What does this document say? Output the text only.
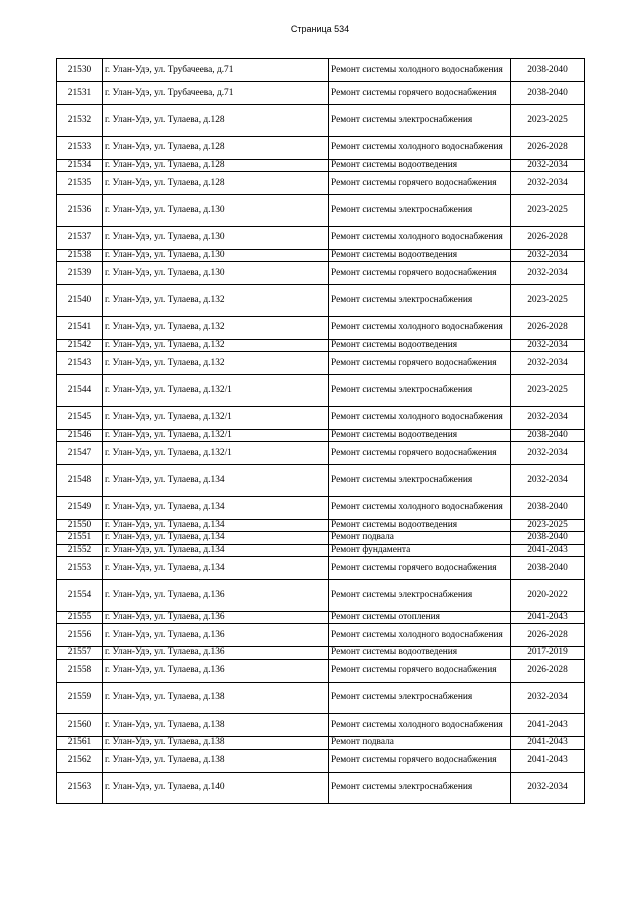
Страница 534
21530	г. Улан-Удэ, ул. Трубачеева, д.71	Ремонт системы холодного водоснабжения	2038-2040
21531	г. Улан-Удэ, ул. Трубачеева, д.71	Ремонт системы горячего водоснабжения	2038-2040
21532	г. Улан-Удэ, ул. Тулаева, д.128	Ремонт системы электроснабжения	2023-2025
21533	г. Улан-Удэ, ул. Тулаева, д.128	Ремонт системы холодного водоснабжения	2026-2028
21534	г. Улан-Удэ, ул. Тулаева, д.128	Ремонт системы водоотведения	2032-2034
21535	г. Улан-Удэ, ул. Тулаева, д.128	Ремонт системы горячего водоснабжения	2032-2034
21536	г. Улан-Удэ, ул. Тулаева, д.130	Ремонт системы электроснабжения	2023-2025
21537	г. Улан-Удэ, ул. Тулаева, д.130	Ремонт системы холодного водоснабжения	2026-2028
21538	г. Улан-Удэ, ул. Тулаева, д.130	Ремонт системы водоотведения	2032-2034
21539	г. Улан-Удэ, ул. Тулаева, д.130	Ремонт системы горячего водоснабжения	2032-2034
21540	г. Улан-Удэ, ул. Тулаева, д.132	Ремонт системы электроснабжения	2023-2025
21541	г. Улан-Удэ, ул. Тулаева, д.132	Ремонт системы холодного водоснабжения	2026-2028
21542	г. Улан-Удэ, ул. Тулаева, д.132	Ремонт системы водоотведения	2032-2034
21543	г. Улан-Удэ, ул. Тулаева, д.132	Ремонт системы горячего водоснабжения	2032-2034
21544	г. Улан-Удэ, ул. Тулаева, д.132/1	Ремонт системы электроснабжения	2023-2025
21545	г. Улан-Удэ, ул. Тулаева, д.132/1	Ремонт системы холодного водоснабжения	2032-2034
21546	г. Улан-Удэ, ул. Тулаева, д.132/1	Ремонт системы водоотведения	2038-2040
21547	г. Улан-Удэ, ул. Тулаева, д.132/1	Ремонт системы горячего водоснабжения	2032-2034
21548	г. Улан-Удэ, ул. Тулаева, д.134	Ремонт системы электроснабжения	2032-2034
21549	г. Улан-Удэ, ул. Тулаева, д.134	Ремонт системы холодного водоснабжения	2038-2040
21550	г. Улан-Удэ, ул. Тулаева, д.134	Ремонт системы водоотведения	2023-2025
21551	г. Улан-Удэ, ул. Тулаева, д.134	Ремонт подвала	2038-2040
21552	г. Улан-Удэ, ул. Тулаева, д.134	Ремонт фундамента	2041-2043
21553	г. Улан-Удэ, ул. Тулаева, д.134	Ремонт системы горячего водоснабжения	2038-2040
21554	г. Улан-Удэ, ул. Тулаева, д.136	Ремонт системы электроснабжения	2020-2022
21555	г. Улан-Удэ, ул. Тулаева, д.136	Ремонт системы отопления	2041-2043
21556	г. Улан-Удэ, ул. Тулаева, д.136	Ремонт системы холодного водоснабжения	2026-2028
21557	г. Улан-Удэ, ул. Тулаева, д.136	Ремонт системы водоотведения	2017-2019
21558	г. Улан-Удэ, ул. Тулаева, д.136	Ремонт системы горячего водоснабжения	2026-2028
21559	г. Улан-Удэ, ул. Тулаева, д.138	Ремонт системы электроснабжения	2032-2034
21560	г. Улан-Удэ, ул. Тулаева, д.138	Ремонт системы холодного водоснабжения	2041-2043
21561	г. Улан-Удэ, ул. Тулаева, д.138	Ремонт подвала	2041-2043
21562	г. Улан-Удэ, ул. Тулаева, д.138	Ремонт системы горячего водоснабжения	2041-2043
21563	г. Улан-Удэ, ул. Тулаева, д.140	Ремонт системы электроснабжения	2032-2034
